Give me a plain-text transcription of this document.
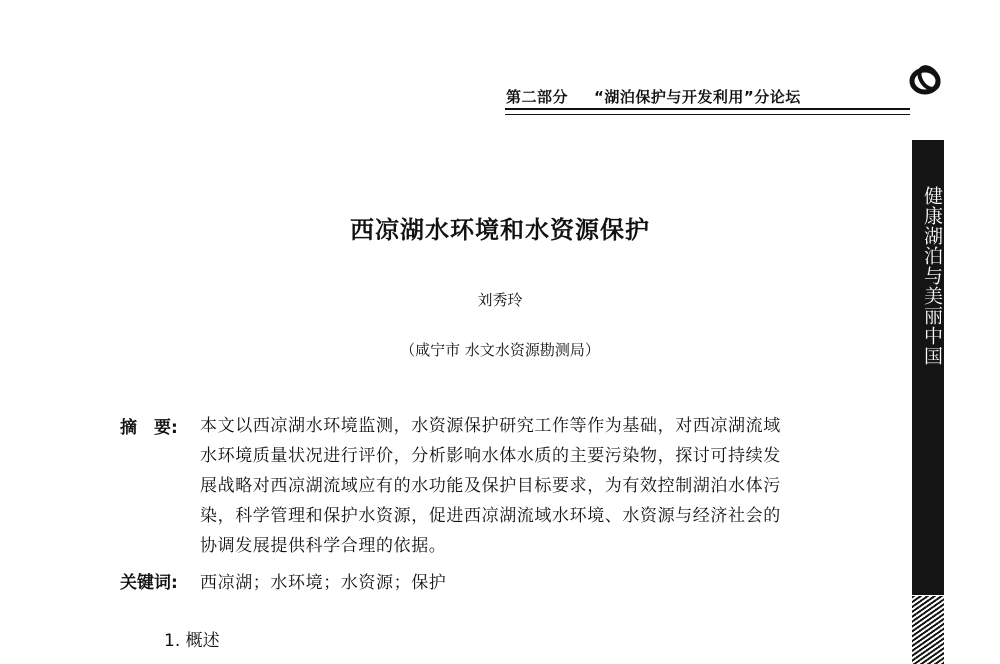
第二部分 “湖泊保护与开发利用”分论坛
健康湖泊与美丽中国
西凉湖水环境和水资源保护
刘秀玲
（咸宁市 水文水资源勘测局）
摘　要: 本文以西凉湖水环境监测，水资源保护研究工作等作为基础，对西凉湖流域
水环境质量状况进行评价，分析影响水体水质的主要污染物，探讨可持续发
展战略对西凉湖流域应有的水功能及保护目标要求，为有效控制湖泊水体污
染，科学管理和保护水资源，促进西凉湖流域水环境、水资源与经济社会的
协调发展提供科学合理的依据。
关键词: 西凉湖；水环境；水资源；保护
1. 概述
